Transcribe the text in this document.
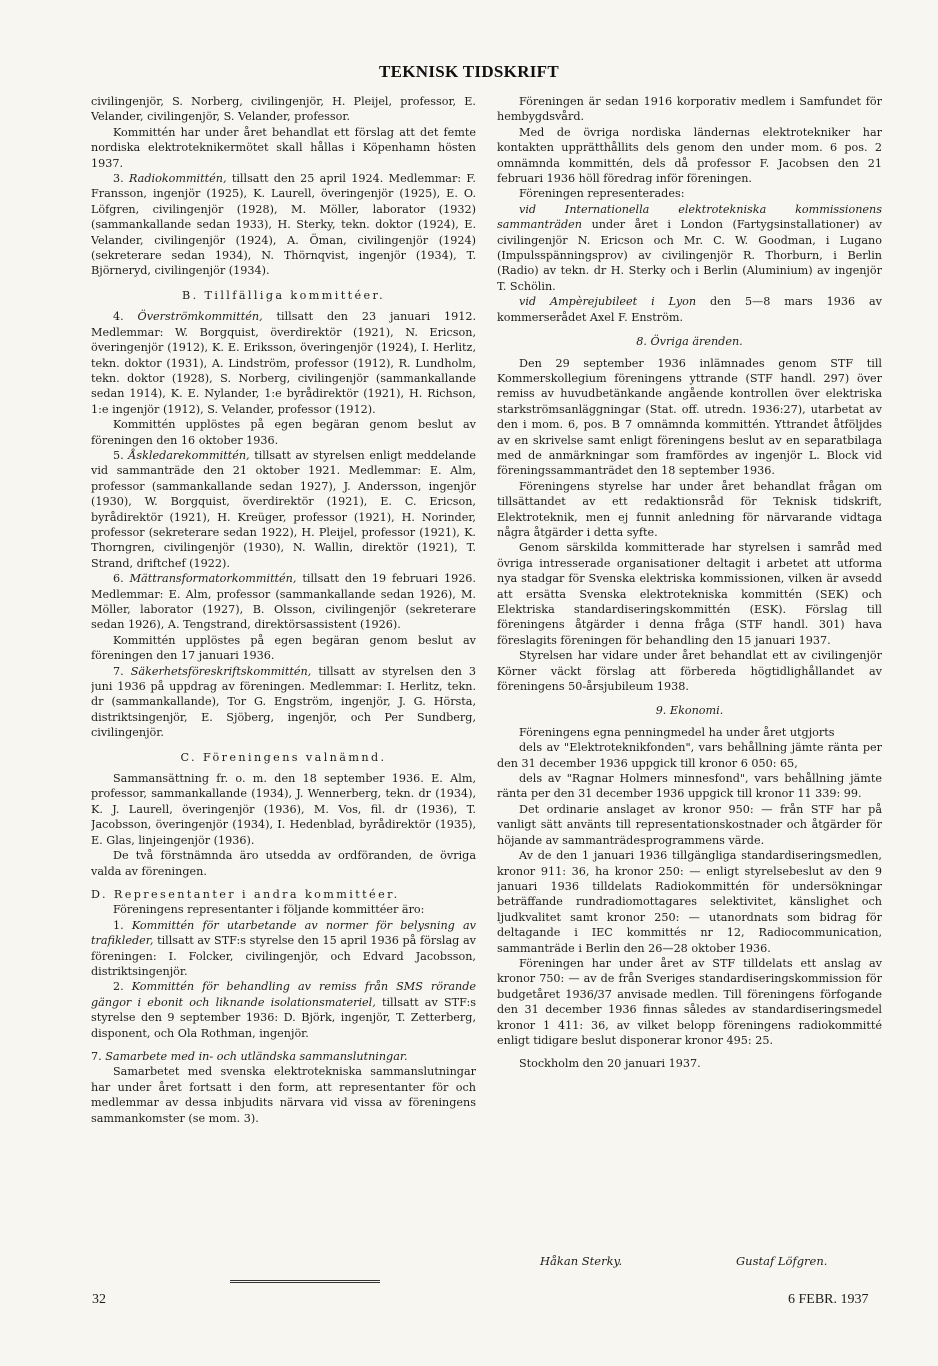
TEKNISK TIDSKRIFT

civilingenjör, S. Norberg, civilingenjör, H. Pleijel, professor, E. Velander, civilingenjör, S. Velander, professor.

Kommittén har under året behandlat ett förslag att det femte nordiska elektroteknikermötet skall hållas i Köpenhamn hösten 1937.

3. Radiokommittén, tillsatt den 25 april 1924. Medlemmar: F. Fransson, ingenjör (1925), K. Laurell, överingenjör (1925), E. O. Löfgren, civilingenjör (1928), M. Möller, laborator (1932) (sammankallande sedan 1933), H. Sterky, tekn. doktor (1924), E. Velander, civilingenjör (1924), A. Öman, civilingenjör (1924) (sekreterare sedan 1934), N. Thörnqvist, ingenjör (1934), T. Björneryd, civilingenjör (1934).

B. Tillfälliga kommittéer.

4. Överströmkommittén, tillsatt den 23 januari 1912. Medlemmar: W. Borgquist, överdirektör (1921), N. Ericson, överingenjör (1912), K. E. Eriksson, överingenjör (1924), I. Herlitz, tekn. doktor (1931), A. Lindström, professor (1912), R. Lundholm, tekn. doktor (1928), S. Norberg, civilingenjör (sammankallande sedan 1914), K. E. Nylander, 1:e byrådirektör (1921), H. Richson, 1:e ingenjör (1912), S. Velander, professor (1912).

Kommittén upplöstes på egen begäran genom beslut av föreningen den 16 oktober 1936.

5. Åskledarekommittén, tillsatt av styrelsen enligt meddelande vid sammanträde den 21 oktober 1921. Medlemmar: E. Alm, professor (sammankallande sedan 1927), J. Andersson, ingenjör (1930), W. Borgquist, överdirektör (1921), E. C. Ericson, byrådirektör (1921), H. Kreüger, professor (1921), H. Norinder, professor (sekreterare sedan 1922), H. Pleijel, professor (1921), K. Thorngren, civilingenjör (1930), N. Wallin, direktör (1921), T. Strand, driftchef (1922).

6. Mättransformatorkommittén, tillsatt den 19 februari 1926. Medlemmar: E. Alm, professor (sammankallande sedan 1926), M. Möller, laborator (1927), B. Olsson, civilingenjör (sekreterare sedan 1926), A. Tengstrand, direktörsassistent (1926).

Kommittén upplöstes på egen begäran genom beslut av föreningen den 17 januari 1936.

7. Säkerhetsföreskriftskommittén, tillsatt av styrelsen den 3 juni 1936 på uppdrag av föreningen. Medlemmar: I. Herlitz, tekn. dr (sammankallande), Tor G. Engström, ingenjör, J. G. Hörsta, distriktsingenjör, E. Sjöberg, ingenjör, och Per Sundberg, civilingenjör.

C. Föreningens valnämnd.

Sammansättning fr. o. m. den 18 september 1936. E. Alm, professor, sammankallande (1934), J. Wennerberg, tekn. dr (1934), K. J. Laurell, överingenjör (1936), M. Vos, fil. dr (1936), T. Jacobsson, överingenjör (1934), I. Hedenblad, byrådirektör (1935), E. Glas, linjeingenjör (1936).

De två förstnämnda äro utsedda av ordföranden, de övriga valda av föreningen.

D. Representanter i andra kommittéer.

Föreningens representanter i följande kommittéer äro:

1. Kommittén för utarbetande av normer för belysning av trafikleder, tillsatt av STF:s styrelse den 15 april 1936 på förslag av föreningen: I. Folcker, civilingenjör, och Edvard Jacobsson, distriktsingenjör.

2. Kommittén för behandling av remiss från SMS rörande gängor i ebonit och liknande isolationsmateriel, tillsatt av STF:s styrelse den 9 september 1936: D. Björk, ingenjör, T. Zetterberg, disponent, och Ola Rothman, ingenjör.

7. Samarbete med in- och utländska sammanslutningar.

Samarbetet med svenska elektrotekniska sammanslutningar har under året fortsatt i den form, att representanter för och medlemmar av dessa inbjudits närvara vid vissa av föreningens sammankomster (se mom. 3).

Föreningen är sedan 1916 korporativ medlem i Samfundet för hembygdsvård.

Med de övriga nordiska ländernas elektrotekniker har kontakten upprätthållits dels genom den under mom. 6 pos. 2 omnämnda kommittén, dels då professor F. Jacobsen den 21 februari 1936 höll föredrag inför föreningen.

Föreningen representerades:

vid Internationella elektrotekniska kommissionens sammanträden under året i London (Fartygsinstallationer) av civilingenjör N. Ericson och Mr. C. W. Goodman, i Lugano (Impulsspänningsprov) av civilingenjör R. Thorburn, i Berlin (Radio) av tekn. dr H. Sterky och i Berlin (Aluminium) av ingenjör T. Schölin.

vid Ampèrejubileet i Lyon den 5—8 mars 1936 av kommerserådet Axel F. Enström.

8. Övriga ärenden.

Den 29 september 1936 inlämnades genom STF till Kommerskollegium föreningens yttrande (STF handl. 297) över remiss av huvudbetänkande angående kontrollen över elektriska starkströmsanläggningar (Stat. off. utredn. 1936:27), utarbetat av den i mom. 6, pos. B 7 omnämnda kommittén. Yttrandet åtföljdes av en skrivelse samt enligt föreningens beslut av en separatbilaga med de anmärkningar som framfördes av ingenjör L. Block vid föreningssammanträdet den 18 september 1936.

Föreningens styrelse har under året behandlat frågan om tillsättandet av ett redaktionsråd för Teknisk tidskrift, Elektroteknik, men ej funnit anledning för närvarande vidtaga några åtgärder i detta syfte.

Genom särskilda kommitterade har styrelsen i samråd med övriga intresserade organisationer deltagit i arbetet att utforma nya stadgar för Svenska elektriska kommissionen, vilken är avsedd att ersätta Svenska elektrotekniska kommittén (SEK) och Elektriska standardiseringskommittén (ESK). Förslag till föreningens åtgärder i denna fråga (STF handl. 301) hava föreslagits föreningen för behandling den 15 januari 1937.

Styrelsen har vidare under året behandlat ett av civilingenjör Körner väckt förslag att förbereda högtidlighållandet av föreningens 50-årsjubileum 1938.

9. Ekonomi.

Föreningens egna penningmedel ha under året utgjorts

dels av "Elektroteknikfonden", vars behållning jämte ränta per den 31 december 1936 uppgick till kronor 6 050: 65,

dels av "Ragnar Holmers minnesfond", vars behållning jämte ränta per den 31 december 1936 uppgick till kronor 11 339: 99.

Det ordinarie anslaget av kronor 950: — från STF har på vanligt sätt använts till representationskostnader och åtgärder för höjande av sammanträdesprogrammens värde.

Av de den 1 januari 1936 tillgängliga standardiseringsmedlen, kronor 911: 36, ha kronor 250: — enligt styrelsebeslut av den 9 januari 1936 tilldelats Radiokommittén för undersökningar beträffande rundradiomottagares selektivitet, känslighet och ljudkvalitet samt kronor 250: — utanordnats som bidrag för deltagande i IEC kommittés nr 12, Radiocommunication, sammanträde i Berlin den 26—28 oktober 1936.

Föreningen har under året av STF tilldelats ett anslag av kronor 750: — av de från Sveriges standardiseringskommission för budgetåret 1936/37 anvisade medlen. Till föreningens förfogande den 31 december 1936 finnas således av standardiseringsmedel kronor 1 411: 36, av vilket belopp föreningens radiokommitté enligt tidigare beslut disponerar kronor 495: 25.

Stockholm den 20 januari 1937.

Håkan Sterky.	Gustaf Löfgren.
32	6 FEBR. 1937
